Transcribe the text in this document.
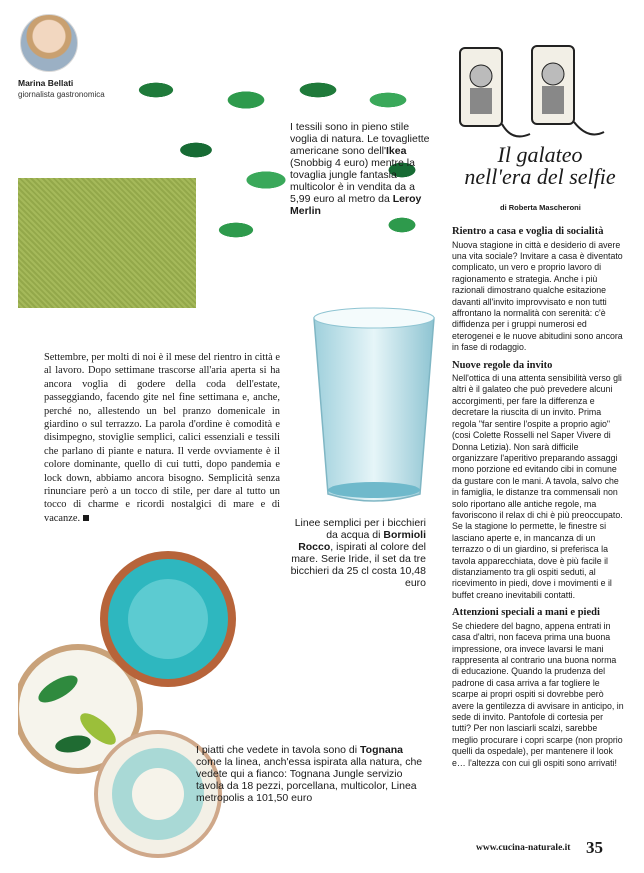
Marina Bellati
giornalista gastronomica
I tessili sono in pieno stile voglia di natura. Le tovagliette americane sono dell'Ikea (Snobbig 4 euro) mentre la tovaglia jungle fantasia multicolor è in vendita da a 5,99 euro al metro da Leroy Merlin
Settembre, per molti di noi è il mese del rientro in città e al lavoro. Dopo settimane trascorse all'aria aperta si ha ancora voglia di godere della coda dell'estate, passeggiando, facendo gite nel fine settimana e, anche, perché no, allestendo un bel pranzo domenicale in giardino o sul terrazzo. La parola d'ordine è comodità e disimpegno, stoviglie semplici, calici essenziali e tessili che parlano di piante e natura. Il verde ovviamente è il colore dominante, quello di cui tutti, dopo pandemia e lock down, abbiamo ancora bisogno. Semplicità senza rinunciare però a un tocco di stile, per dare al tutto un tocco di charme e ricordi nostalgici di mare e di vacanze.	Linee semplici per i bicchieri da acqua di Bormioli Rocco, ispirati al colore del mare. Serie Iride, il set da tre bicchieri da 25 cl costa 10,48 euro
I piatti che vedete in tavola sono di Tognana come la linea, anch'essa ispirata alla natura, che vedete qui a fianco: Tognana Jungle servizio tavola da 18 pezzi, porcellana, multicolor, Linea metropolis a 101,50 euro
Il galateo
nell'era del selfie
di Roberta Mascheroni
Rientro a casa e voglia di socialità

Nuova stagione in città e desiderio di avere una vita sociale? Invitare a casa è diventato complicato, un vero e proprio lavoro di ragionamento e strategia. Anche i più razionali dimostrano qualche esitazione davanti all'invito improvvisato e non tutti affrontano la normalità con serenità: c'è diffidenza per i gruppi numerosi ed eterogenei e le nuove abitudini sono ancora in fase di rodaggio.

Nuove regole da invito

Nell'ottica di una attenta sensibilità verso gli altri è il galateo che può prevedere alcuni accorgimenti, per fare la differenza e decretare la riuscita di un invito. Prima regola "far sentire l'ospite a proprio agio" (cosi Colette Rosselli nel Saper Vivere di Donna Letizia). Non sarà difficile organizzare l'aperitivo preparando assaggi mono porzione ed evitando cibi in comune da gustare con le mani. A tavola, salvo che in famiglia, le distanze tra commensali non solo riportano alle antiche regole, ma favoriscono il relax di chi è più preoccupato. Se la stagione lo permette, le finestre si lasciano aperte e, in mancanza di un terrazzo o di un giardino, si preferisca la tavola apparecchiata, dove è più facile il distanziamento tra gli ospiti seduti, al ricevimento in piedi, dove i movimenti e il buffet creano inevitabili contatti.

Attenzioni speciali a mani e piedi

Se chiedere del bagno, appena entrati in casa d'altri, non faceva prima una buona impressione, ora invece lavarsi le mani rappresenta al contrario una buona norma di educazione. Quando la prudenza del padrone di casa arriva a far togliere le scarpe ai propri ospiti si dovrebbe però avere la gentilezza di avvisare in anticipo, in sede di invito. Pantofole di cortesia per tutti? Per non lasciarli scalzi, sarebbe meglio procurare i copri scarpe (non proprio quelli da ospedale), per mantenere il look e… l'altezza con cui gli ospiti sono arrivati!

www.cucina-naturale.it 35
